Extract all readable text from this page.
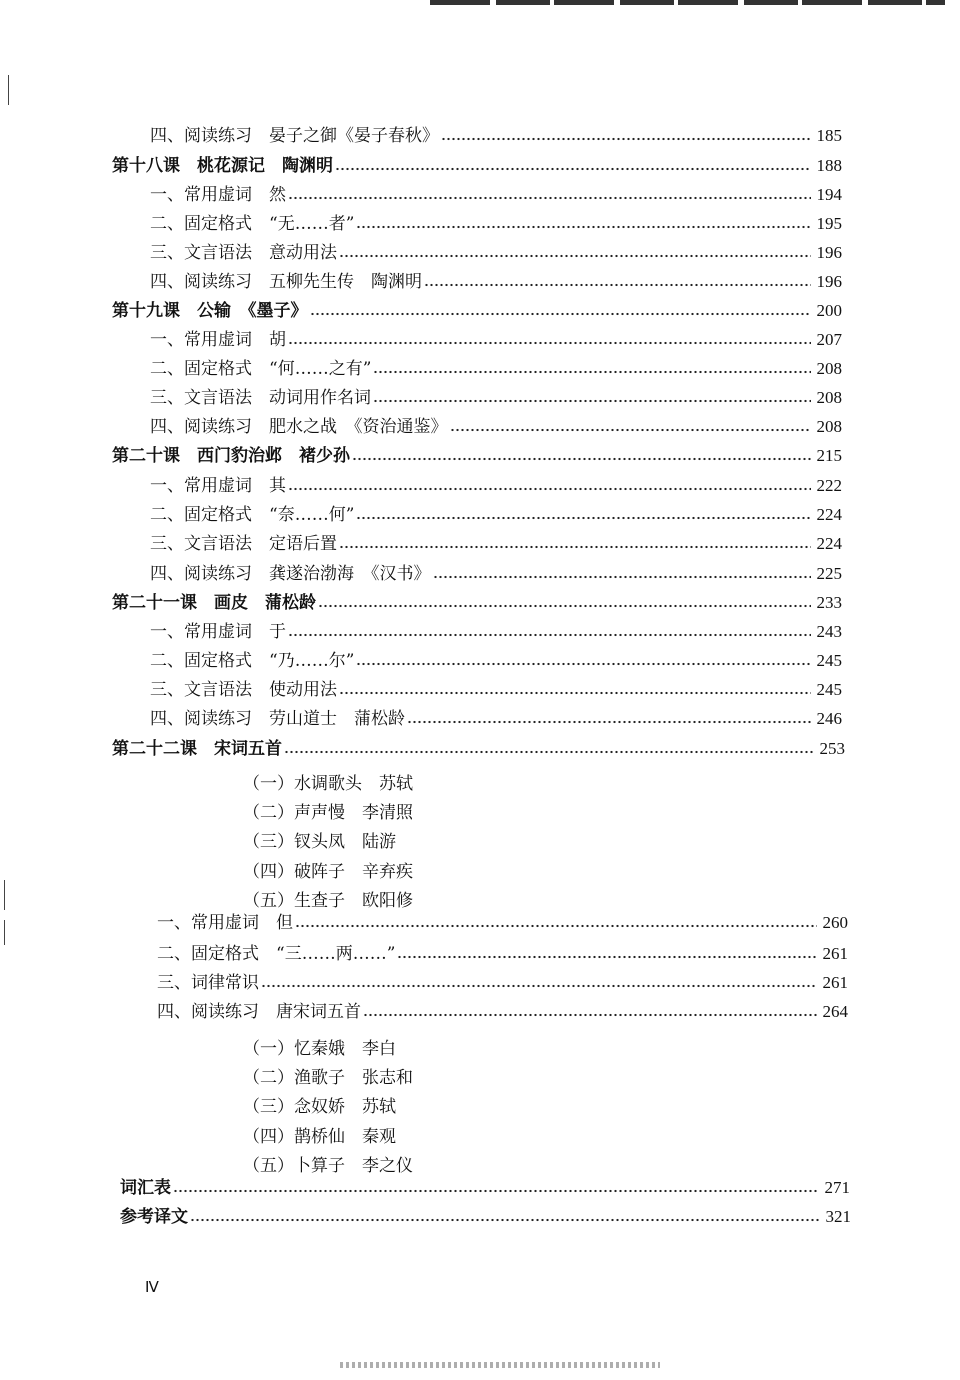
四、阅读练习　晏子之御《晏子春秋》	185
第十八课　桃花源记　陶渊明	188
一、常用虚词　然	194
二、固定格式　“无……者”	195
三、文言语法　意动用法	196
四、阅读练习　五柳先生传　陶渊明	196
第十九课　公输　《墨子》	200
一、常用虚词　胡	207
二、固定格式　“何……之有”	208
三、文言语法　动词用作名词	208
四、阅读练习　肥水之战　《资治通鉴》	208
第二十课　西门豹治邺　褚少孙	215
一、常用虚词　其	222
二、固定格式　“奈……何”	224
三、文言语法　定语后置	224
四、阅读练习　龚遂治渤海　《汉书》	225
第二十一课　画皮　蒲松龄	233
一、常用虚词　于	243
二、固定格式　“乃……尔”	245
三、文言语法　使动用法	245
四、阅读练习　劳山道士　蒲松龄	246
第二十二课　宋词五首	253
（一）水调歌头　苏轼
（二）声声慢　李清照
（三）钗头凤　陆游
（四）破阵子　辛弃疾
（五）生查子　欧阳修
一、常用虚词　但	260
二、固定格式　“三……两……”	261
三、词律常识	261
四、阅读练习　唐宋词五首	264
（一）忆秦娥　李白
（二）渔歌子　张志和
（三）念奴娇　苏轼
（四）鹊桥仙　秦观
（五）卜算子　李之仪
词汇表	271
参考译文	321
Ⅳ
